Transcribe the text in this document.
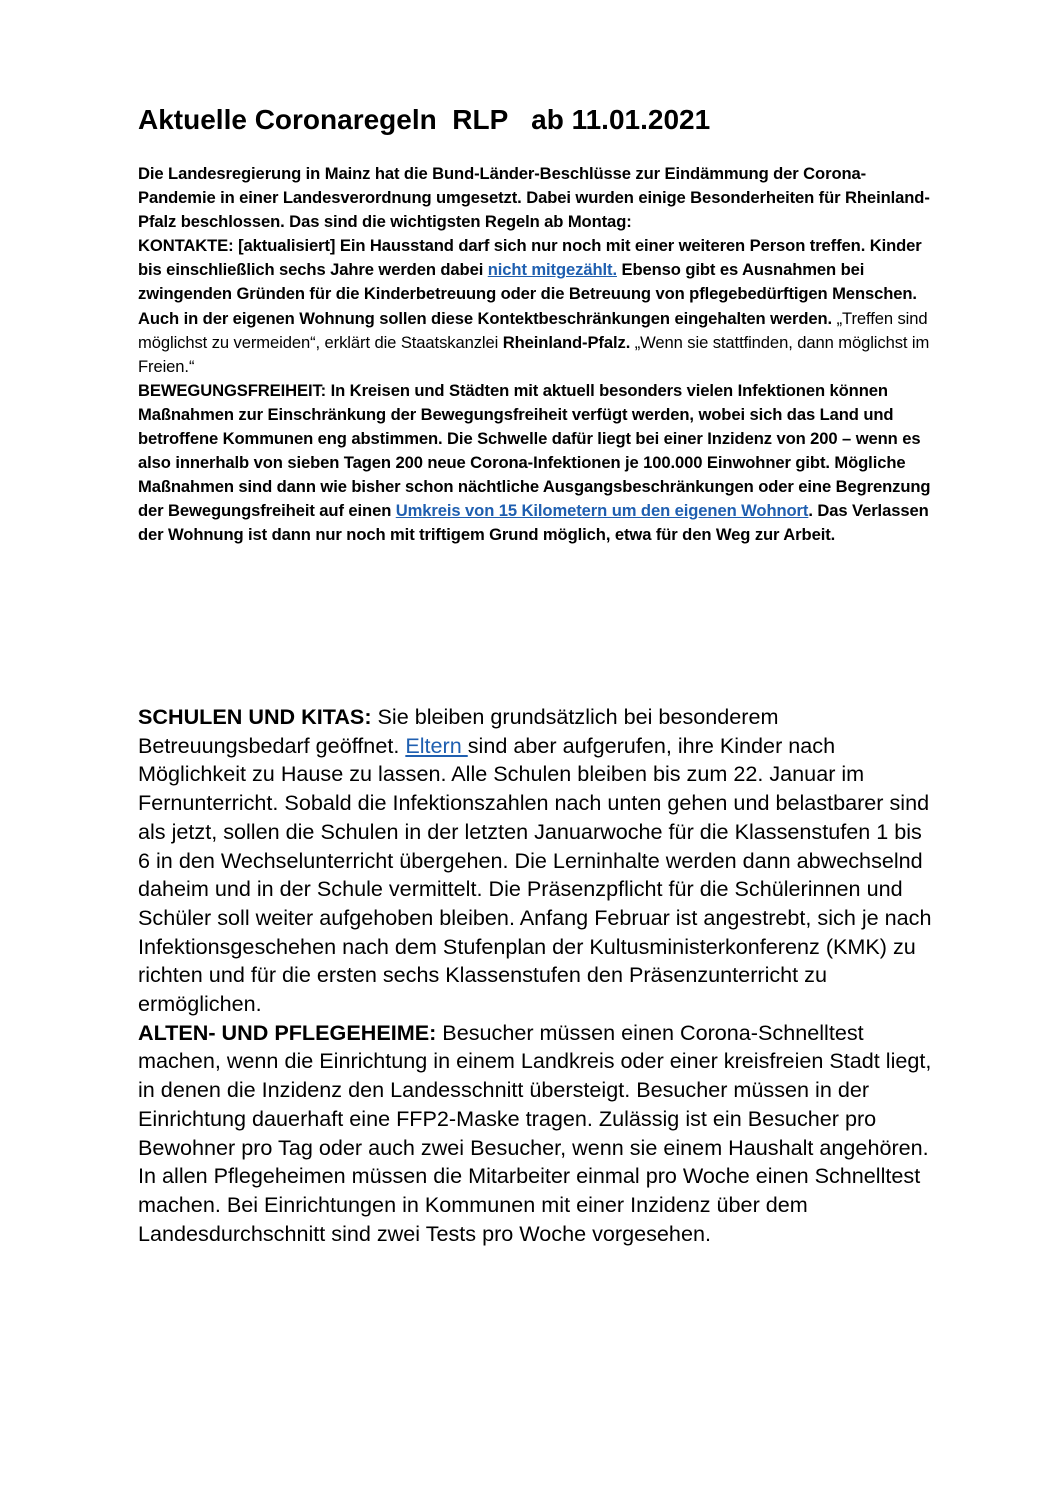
Aktuelle Coronaregeln  RLP   ab 11.01.2021

Die Landesregierung in Mainz hat die Bund-Länder-Beschlüsse zur Eindämmung der Corona-Pandemie in einer Landesverordnung umgesetzt. Dabei wurden einige Besonderheiten für Rheinland-Pfalz beschlossen. Das sind die wichtigsten Regeln ab Montag:
KONTAKTE: [aktualisiert] Ein Hausstand darf sich nur noch mit einer weiteren Person treffen. Kinder bis einschließlich sechs Jahre werden dabei nicht mitgezählt. Ebenso gibt es Ausnahmen bei zwingenden Gründen für die Kinderbetreuung oder die Betreuung von pflegebedürftigen Menschen. Auch in der eigenen Wohnung sollen diese Kontektbeschränkungen eingehalten werden. „Treffen sind möglichst zu vermeiden“, erklärt die Staatskanzlei Rheinland-Pfalz. „Wenn sie stattfinden, dann möglichst im Freien.“
BEWEGUNGSFREIHEIT: In Kreisen und Städten mit aktuell besonders vielen Infektionen können Maßnahmen zur Einschränkung der Bewegungsfreiheit verfügt werden, wobei sich das Land und betroffene Kommunen eng abstimmen. Die Schwelle dafür liegt bei einer Inzidenz von 200 – wenn es also innerhalb von sieben Tagen 200 neue Corona-Infektionen je 100.000 Einwohner gibt. Mögliche Maßnahmen sind dann wie bisher schon nächtliche Ausgangsbeschränkungen oder eine Begrenzung der Bewegungsfreiheit auf einen Umkreis von 15 Kilometern um den eigenen Wohnort. Das Verlassen der Wohnung ist dann nur noch mit triftigem Grund möglich, etwa für den Weg zur Arbeit.

SCHULEN UND KITAS: Sie bleiben grundsätzlich bei besonderem Betreuungsbedarf geöffnet. Eltern sind aber aufgerufen, ihre Kinder nach Möglichkeit zu Hause zu lassen. Alle Schulen bleiben bis zum 22. Januar im Fernunterricht. Sobald die Infektionszahlen nach unten gehen und belastbarer sind als jetzt, sollen die Schulen in der letzten Januarwoche für die Klassenstufen 1 bis 6 in den Wechselunterricht übergehen. Die Lerninhalte werden dann abwechselnd daheim und in der Schule vermittelt. Die Präsenzpflicht für die Schülerinnen und Schüler soll weiter aufgehoben bleiben. Anfang Februar ist angestrebt, sich je nach Infektionsgeschehen nach dem Stufenplan der Kultusministerkonferenz (KMK) zu richten und für die ersten sechs Klassenstufen den Präsenzunterricht zu ermöglichen.
ALTEN- UND PFLEGEHEIME: Besucher müssen einen Corona-Schnelltest machen, wenn die Einrichtung in einem Landkreis oder einer kreisfreien Stadt liegt, in denen die Inzidenz den Landesschnitt übersteigt. Besucher müssen in der Einrichtung dauerhaft eine FFP2-Maske tragen. Zulässig ist ein Besucher pro Bewohner pro Tag oder auch zwei Besucher, wenn sie einem Haushalt angehören. In allen Pflegeheimen müssen die Mitarbeiter einmal pro Woche einen Schnelltest machen. Bei Einrichtungen in Kommunen mit einer Inzidenz über dem Landesdurchschnitt sind zwei Tests pro Woche vorgesehen.
